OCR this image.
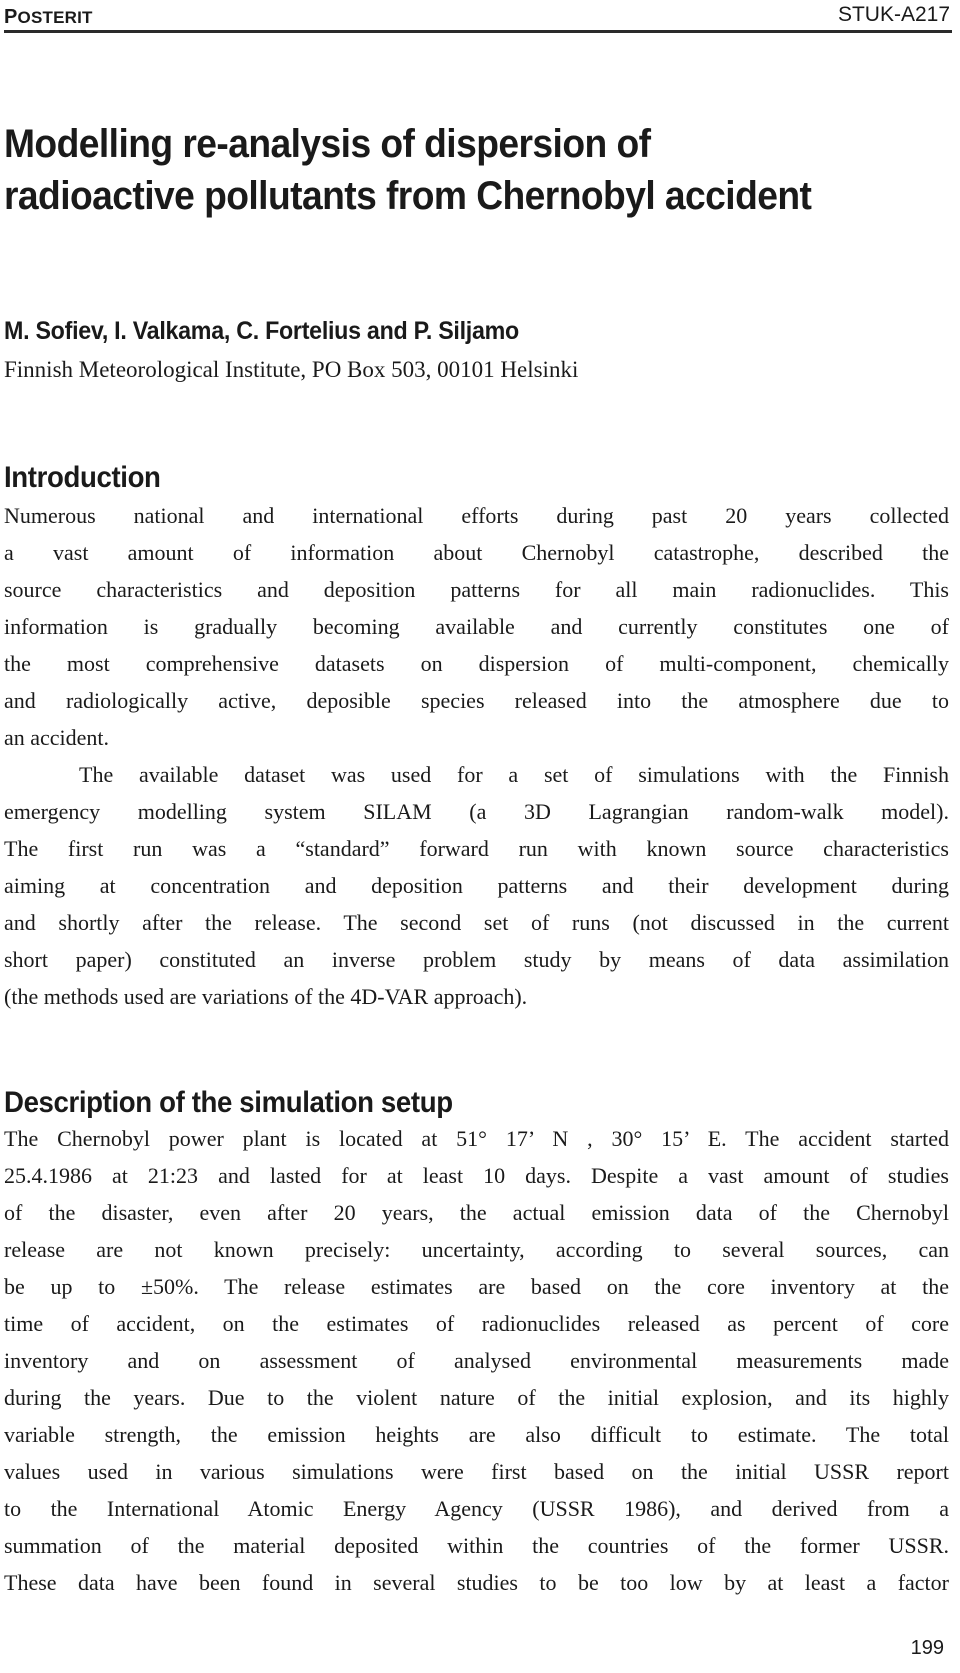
POSTERIT	STUK-A217
Modelling re-analysis of dispersion of
radioactive pollutants from Chernobyl accident
M. Sofiev, I. Valkama, C. Fortelius and P. Siljamo
Finnish Meteorological Institute, PO Box 503, 00101 Helsinki
Introduction
Numerous national and international efforts during past 20 years collected
a vast amount of information about Chernobyl catastrophe, described the
source characteristics and deposition patterns for all main radionuclides. This
information is gradually becoming available and currently constitutes one of
the most comprehensive datasets on dispersion of multi-component, chemically
and radiologically active, deposible species released into the atmosphere due to
an accident.
The available dataset was used for a set of simulations with the Finnish
emergency modelling system SILAM (a 3D Lagrangian random-walk model).
The first run was a “standard” forward run with known source characteristics
aiming at concentration and deposition patterns and their development during
and shortly after the release. The second set of runs (not discussed in the current
short paper) constituted an inverse problem study by means of data assimilation
(the methods used are variations of the 4D-VAR approach).
Description of the simulation setup
The Chernobyl power plant is located at 51° 17’ N , 30° 15’ E. The accident started
25.4.1986 at 21:23 and lasted for at least 10 days. Despite a vast amount of studies
of the disaster, even after 20 years, the actual emission data of the Chernobyl
release are not known precisely: uncertainty, according to several sources, can
be up to ±50%. The release estimates are based on the core inventory at the
time of accident, on the estimates of radionuclides released as percent of core
inventory and on assessment of analysed environmental measurements made
during the years. Due to the violent nature of the initial explosion, and its highly
variable strength, the emission heights are also difficult to estimate. The total
values used in various simulations were first based on the initial USSR report
to the International Atomic Energy Agency (USSR 1986), and derived from a
summation of the material deposited within the countries of the former USSR.
These data have been found in several studies to be too low by at least a factor
199
